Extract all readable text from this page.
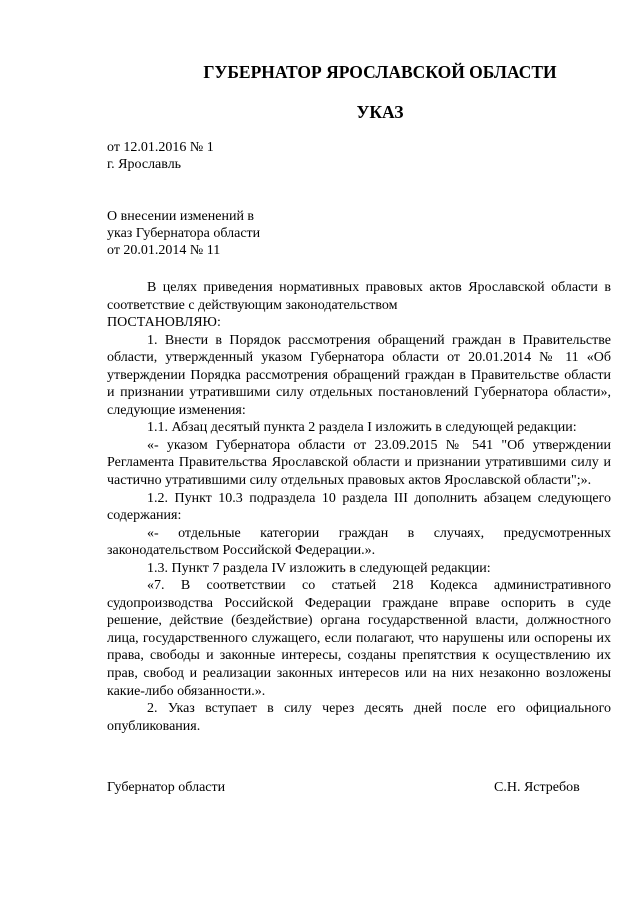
ГУБЕРНАТОР ЯРОСЛАВСКОЙ ОБЛАСТИ
УКАЗ
от 12.01.2016 № 1
г. Ярославль
О внесении изменений в
указ Губернатора области
от 20.01.2014 № 11

В целях приведения нормативных правовых актов Ярославской области в соответствие с действующим законодательством

ПОСТАНОВЛЯЮ:

1. Внести в Порядок рассмотрения обращений граждан в Правительстве области, утвержденный указом Губернатора области от 20.01.2014 № 11 «Об утверждении Порядка рассмотрения обращений граждан в Правительстве области и признании утратившими силу отдельных постановлений Губернатора области», следующие изменения:

1.1. Абзац десятый пункта 2 раздела I изложить в следующей редакции:

«- указом Губернатора области от 23.09.2015 № 541 "Об утверждении Регламента Правительства Ярославской области и признании утратившими силу и частично утратившими силу отдельных правовых актов Ярославской области";».

1.2. Пункт 10.3 подраздела 10 раздела III дополнить абзацем следующего содержания:

«- отдельные категории граждан в случаях, предусмотренных законодательством Российской Федерации.».

1.3. Пункт 7 раздела IV изложить в следующей редакции:

«7. В соответствии со статьей 218 Кодекса административного судопроизводства Российской Федерации граждане вправе оспорить в суде решение, действие (бездействие) органа государственной власти, должностного лица, государственного служащего, если полагают, что нарушены или оспорены их права, свободы и законные интересы, созданы препятствия к осуществлению их прав, свобод и реализации законных интересов или на них незаконно возложены какие-либо обязанности.».

2. Указ вступает в силу через десять дней после его официального опубликования.

Губернатор области	С.Н. Ястребов
